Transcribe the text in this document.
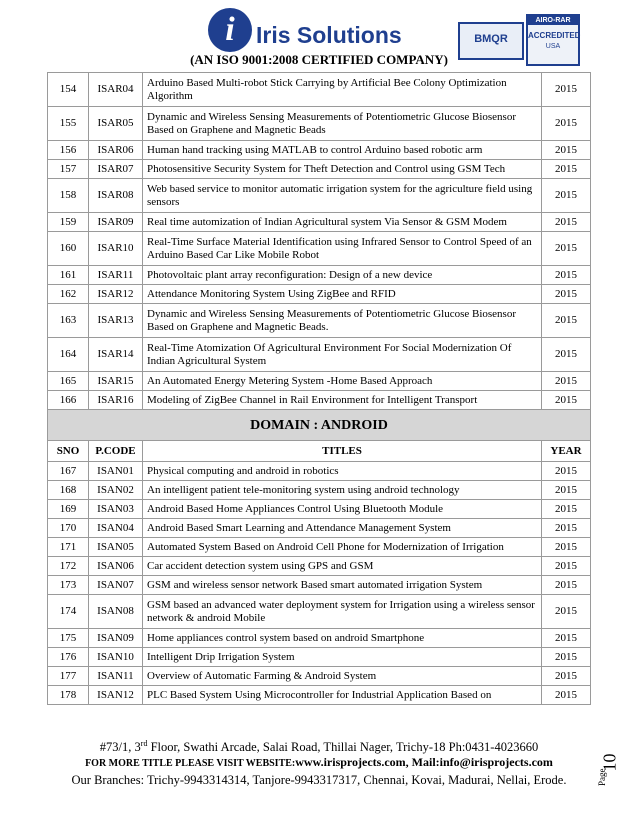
i Iris Solutions
(AN ISO 9001:2008 CERTIFIED COMPANY)
BMQR
AIRO-RAR
ACCREDITED
USA
154	ISAR04	Arduino Based Multi-robot Stick Carrying by Artificial Bee Colony Optimization Algorithm	2015
155	ISAR05	Dynamic and Wireless Sensing Measurements of Potentiometric Glucose Biosensor Based on Graphene and Magnetic Beads	2015
156	ISAR06	Human hand tracking using MATLAB to control Arduino based robotic arm	2015
157	ISAR07	Photosensitive Security System for Theft Detection and Control using GSM Tech	2015
158	ISAR08	Web based service to monitor automatic irrigation system for the agriculture field using sensors	2015
159	ISAR09	Real time automization of Indian Agricultural system Via Sensor & GSM Modem	2015
160	ISAR10	Real-Time Surface Material Identification using Infrared Sensor to Control Speed of an Arduino Based Car Like Mobile Robot	2015
161	ISAR11	Photovoltaic plant array reconfiguration: Design of a new device	2015
162	ISAR12	Attendance Monitoring System Using ZigBee and RFID	2015
163	ISAR13	Dynamic and Wireless Sensing Measurements of Potentiometric Glucose Biosensor Based on Graphene and Magnetic Beads.	2015
164	ISAR14	Real-Time Atomization Of Agricultural Environment For Social Modernization Of Indian Agricultural System	2015
165	ISAR15	An Automated Energy Metering System -Home Based Approach	2015
166	ISAR16	Modeling of ZigBee Channel in Rail Environment for Intelligent Transport	2015
DOMAIN : ANDROID			
SNO	P.CODE	TITLES	YEAR
167	ISAN01	Physical computing and android in robotics	2015
168	ISAN02	An intelligent patient tele-monitoring system using android technology	2015
169	ISAN03	Android Based Home Appliances Control Using Bluetooth Module	2015
170	ISAN04	Android Based Smart Learning and Attendance Management System	2015
171	ISAN05	Automated System Based on Android Cell Phone for Modernization of Irrigation	2015
172	ISAN06	Car accident detection system using GPS and GSM	2015
173	ISAN07	GSM and wireless sensor network Based smart automated irrigation System	2015
174	ISAN08	GSM based an advanced water deployment system for Irrigation using a wireless sensor network & android Mobile	2015
175	ISAN09	Home appliances control system based on android Smartphone	2015
176	ISAN10	Intelligent Drip Irrigation System	2015
177	ISAN11	Overview of Automatic Farming & Android System	2015
178	ISAN12	PLC Based System Using Microcontroller for Industrial Application Based on	2015
#73/1, 3rd Floor, Swathi Arcade, Salai Road, Thillai Nager, Trichy-18 Ph:0431-4023660
FOR MORE TITLE PLEASE VISIT WEBSITE:www.irisprojects.com, Mail:info@irisprojects.com
Our Branches: Trichy-9943314314, Tanjore-9943317317, Chennai, Kovai, Madurai, Nellai, Erode.	Page
10
